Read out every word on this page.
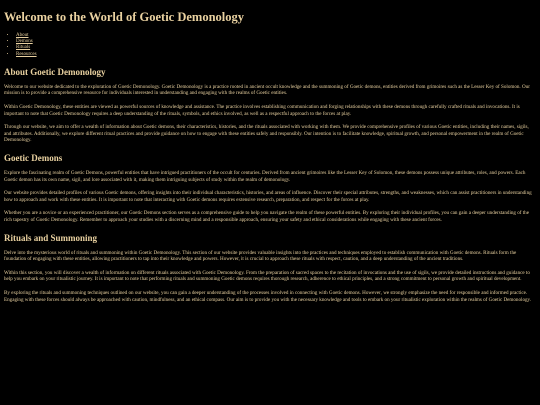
Welcome to the World of Goetic Demonology
• About
• Demons
• Rituals
• Resources
About Goetic Demonology

Welcome to our website dedicated to the exploration of Goetic Demonology. Goetic Demonology is a practice rooted in ancient occult knowledge and the summoning of Goetic demons, entities derived from grimoires such as the Lesser Key of Solomon. Our mission is to provide a comprehensive resource for individuals interested in understanding and engaging with the realms of Goetic entities.

Within Goetic Demonology, these entities are viewed as powerful sources of knowledge and assistance. The practice involves establishing communication and forging relationships with these demons through carefully crafted rituals and invocations. It is important to note that Goetic Demonology requires a deep understanding of the rituals, symbols, and ethics involved, as well as a respectful approach to the forces at play.

Through our website, we aim to offer a wealth of information about Goetic demons, their characteristics, histories, and the rituals associated with working with them. We provide comprehensive profiles of various Goetic entities, including their names, sigils, and attributes. Additionally, we explore different ritual practices and provide guidance on how to engage with these entities safely and responsibly. Our intention is to facilitate knowledge, spiritual growth, and personal empowerment in the realm of Goetic Demonology.

Goetic Demons

Explore the fascinating realm of Goetic Demons, powerful entities that have intrigued practitioners of the occult for centuries. Derived from ancient grimoires like the Lesser Key of Solomon, these demons possess unique attributes, roles, and powers. Each Goetic demon has its own name, sigil, and lore associated with it, making them intriguing subjects of study within the realm of demonology.

Our website provides detailed profiles of various Goetic demons, offering insights into their individual characteristics, histories, and areas of influence. Discover their special attributes, strengths, and weaknesses, which can assist practitioners in understanding how to approach and work with these entities. It is important to note that interacting with Goetic demons requires extensive research, preparation, and respect for the forces at play.

Whether you are a novice or an experienced practitioner, our Goetic Demons section serves as a comprehensive guide to help you navigate the realm of these powerful entities. By exploring their individual profiles, you can gain a deeper understanding of the rich tapestry of Goetic Demonology. Remember to approach your studies with a discerning mind and a responsible approach, ensuring your safety and ethical considerations while engaging with these ancient forces.

Rituals and Summoning

Delve into the mysterious world of rituals and summoning within Goetic Demonology. This section of our website provides valuable insights into the practices and techniques employed to establish communication with Goetic demons. Rituals form the foundation of engaging with these entities, allowing practitioners to tap into their knowledge and powers. However, it is crucial to approach these rituals with respect, caution, and a deep understanding of the ancient traditions.

Within this section, you will discover a wealth of information on different rituals associated with Goetic Demonology. From the preparation of sacred spaces to the recitation of invocations and the use of sigils, we provide detailed instructions and guidance to help you embark on your ritualistic journey. It is important to note that performing rituals and summoning Goetic demons requires thorough research, adherence to ethical principles, and a strong commitment to personal growth and spiritual development.

By exploring the rituals and summoning techniques outlined on our website, you can gain a deeper understanding of the processes involved in connecting with Goetic demons. However, we strongly emphasize the need for responsible and informed practice. Engaging with these forces should always be approached with caution, mindfulness, and an ethical compass. Our aim is to provide you with the necessary knowledge and tools to embark on your ritualistic exploration within the realms of Goetic Demonology.
